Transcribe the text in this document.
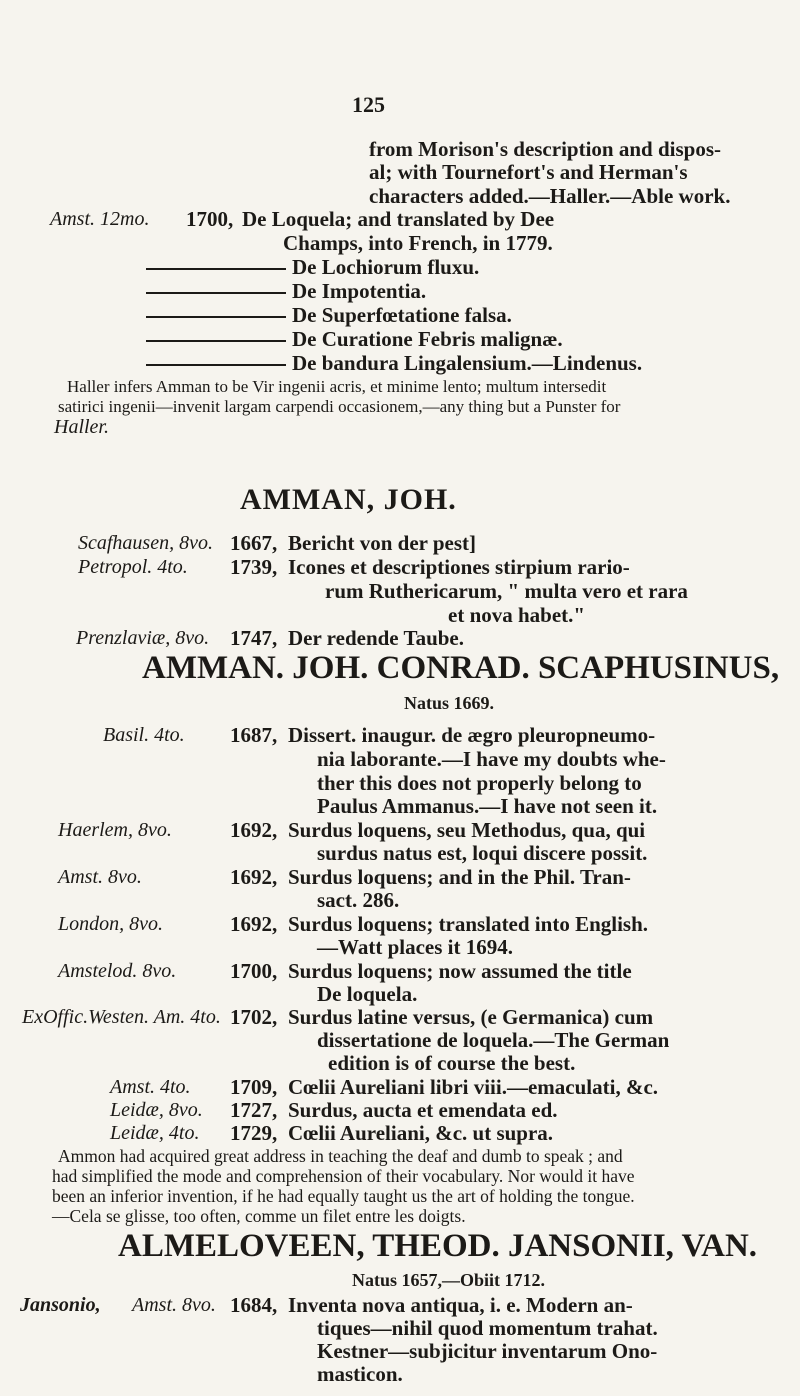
125
from Morison's description and dispos-
al; with Tournefort's and Herman's
characters added.—Haller.—Able work.
Amst. 12mo. 1700, De Loquela; and translated by Dee
Champs, into French, in 1779.
De Lochiorum fluxu.
De Impotentia.
De Superfœtatione falsa.
De Curatione Febris malignæ.
De bandura Lingalensium.—Lindenus.
Haller infers Amman to be Vir ingenii acris, et minime lento; multum intersedit
satirici ingenii—invenit largam carpendi occasionem,—any thing but a Punster for
Haller.
AMMAN, JOH.
Scafhausen, 8vo. 1667, Bericht von der pest]
Petropol. 4to. 1739, Icones et descriptiones stirpium rario-
rum Ruthericarum, " multa vero et rara
et nova habet."
Prenzlaviæ, 8vo. 1747, Der redende Taube.
AMMAN. JOH. CONRAD. SCAPHUSINUS,
Natus 1669.
Basil. 4to. 1687, Dissert. inaugur. de ægro pleuropneumo-
nia laborante.—I have my doubts whe-
ther this does not properly belong to
Paulus Ammanus.—I have not seen it.
Haerlem, 8vo.	1692, Surdus loquens, seu Methodus, qua, qui
surdus natus est, loqui discere possit.
Amst. 8vo.	1692, Surdus loquens; and in the Phil. Tran-
sact. 286.
London, 8vo.	1692, Surdus loquens; translated into English.
—Watt places it 1694.
Amstelod. 8vo.	1700, Surdus loquens; now assumed the title
De loquela.
ExOffic.Westen. Am. 4to. 1702, Surdus latine versus, (e Germanica) cum
dissertatione de loquela.—The German
edition is of course the best.
Amst. 4to. 1709, Cœlii Aureliani libri viii.—emaculati, &c.
Leidæ, 8vo. 1727, Surdus, aucta et emendata ed.
Leidæ, 4to. 1729, Cœlii Aureliani, &c. ut supra.
Ammon had acquired great address in teaching the deaf and dumb to speak ; and
had simplified the mode and comprehension of their vocabulary. Nor would it have
been an inferior invention, if he had equally taught us the art of holding the tongue.
—Cela se glisse, too often, comme un filet entre les doigts.
ALMELOVEEN, THEOD. JANSONII, VAN.
Natus 1657,—Obiit 1712.
Jansonio, Amst. 8vo. 1684, Inventa nova antiqua, i. e. Modern an-
tiques—nihil quod momentum trahat.
Kestner—subjicitur inventarum Ono-
masticon.
